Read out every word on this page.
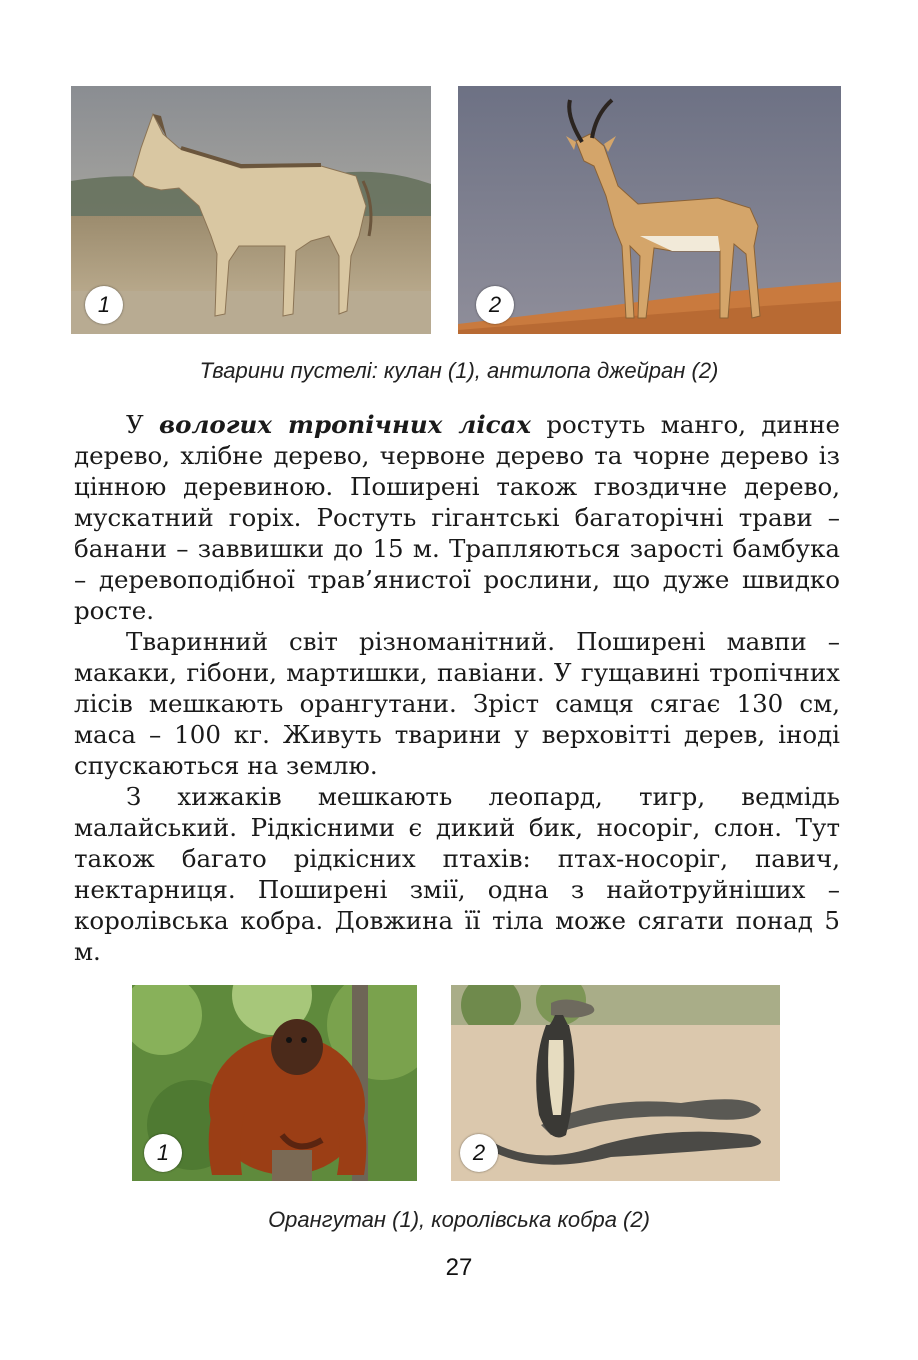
1	2
Тварини пустелі: кулан (1), антилопа джейран (2)

У вологих тропічних лісах ростуть манго, динне дерево, хлібне дерево, червоне дерево та чорне дерево із цінною деревиною. Поширені також гвоздичне дерево, мускатний горіх. Ростуть гігантські багаторічні трави – банани – заввишки до 15 м. Трапляються зарості бамбука – деревоподібної трав’янистої рослини, що дуже швидко росте.

Тваринний світ різноманітний. Поширені мавпи – макаки, гібони, мартишки, павіани. У гущавині тропічних лісів мешкають орангутани. Зріст самця сягає 130 см, маса – 100 кг. Живуть тварини у верховітті дерев, іноді спускаються на землю.

З хижаків мешкають леопард, тигр, ведмідь малайський. Рідкісними є дикий бик, носоріг, слон. Тут також багато рідкісних птахів: птах-носоріг, павич, нектарниця. Поширені змії, одна з найотруйніших – королівська кобра. Довжина її тіла може сягати понад 5 м.

1	2
Орангутан (1), королівська кобра (2)
27
